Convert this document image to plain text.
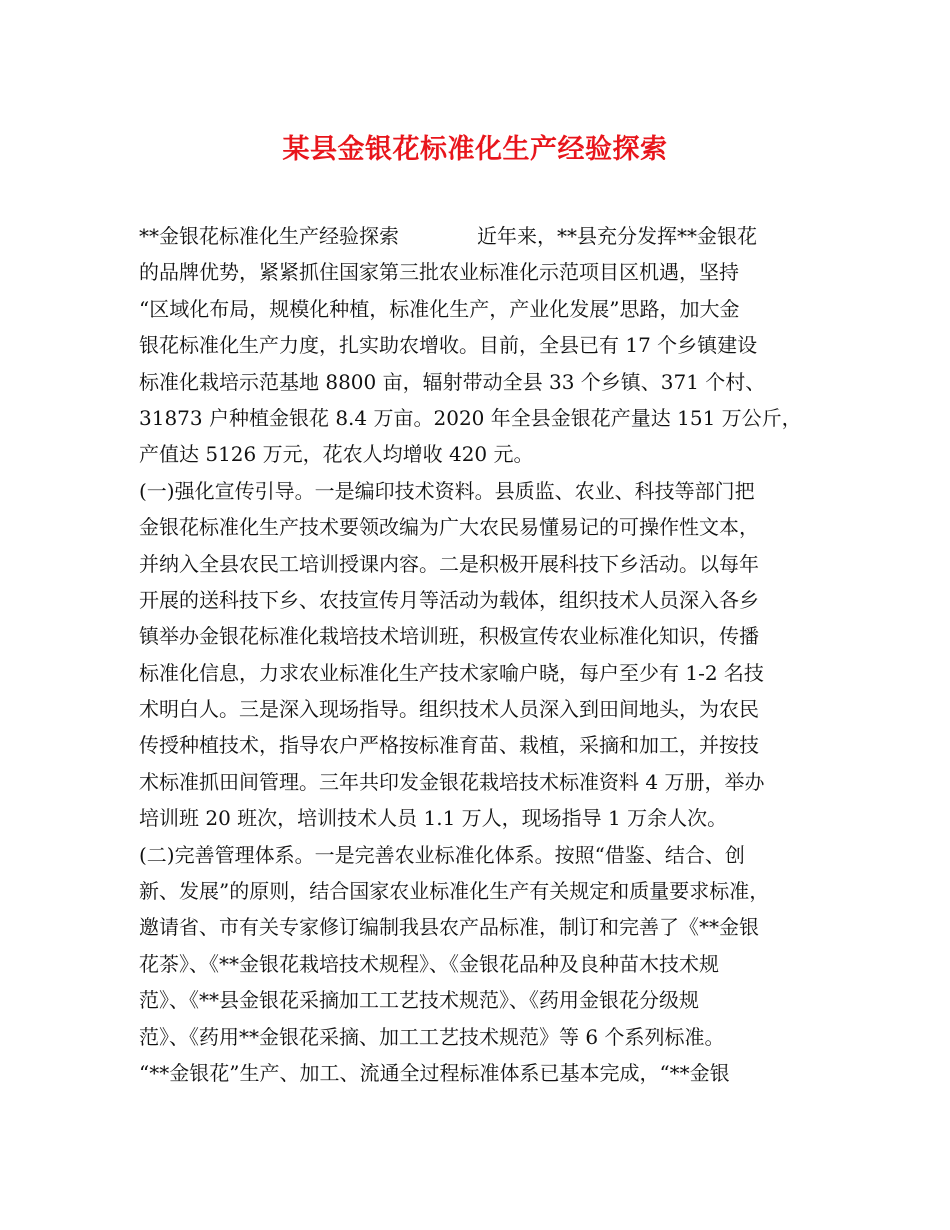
某县金银花标准化生产经验探索
**金银花标准化生产经验探索	近年来，**县充分发挥**金银花
的品牌优势，紧紧抓住国家第三批农业标准化示范项目区机遇，坚持
“区域化布局，规模化种植，标准化生产，产业化发展”思路，加大金
银花标准化生产力度，扎实助农增收。目前，全县已有 17 个乡镇建设
标准化栽培示范基地 8800 亩，辐射带动全县 33 个乡镇、371 个村、
31873 户种植金银花 8.4 万亩。2020 年全县金银花产量达 151 万公斤，
产值达 5126 万元，花农人均增收 420 元。
(一)强化宣传引导。一是编印技术资料。县质监、农业、科技等部门把
金银花标准化生产技术要领改编为广大农民易懂易记的可操作性文本，
并纳入全县农民工培训授课内容。二是积极开展科技下乡活动。以每年
开展的送科技下乡、农技宣传月等活动为载体，组织技术人员深入各乡
镇举办金银花标准化栽培技术培训班，积极宣传农业标准化知识，传播
标准化信息，力求农业标准化生产技术家喻户晓，每户至少有 1-2 名技
术明白人。三是深入现场指导。组织技术人员深入到田间地头，为农民
传授种植技术，指导农户严格按标准育苗、栽植，采摘和加工，并按技
术标准抓田间管理。三年共印发金银花栽培技术标准资料 4 万册，举办
培训班 20 班次，培训技术人员 1.1 万人，现场指导 1 万余人次。
(二)完善管理体系。一是完善农业标准化体系。按照“借鉴、结合、创
新、发展”的原则，结合国家农业标准化生产有关规定和质量要求标准，
邀请省、市有关专家修订编制我县农产品标准，制订和完善了《**金银
花茶》、《**金银花栽培技术规程》、《金银花品种及良种苗木技术规
范》、《**县金银花采摘加工工艺技术规范》、《药用金银花分级规
范》、《药用**金银花采摘、加工工艺技术规范》等 6 个系列标准。
“**金银花”生产、加工、流通全过程标准体系已基本完成，“**金银
